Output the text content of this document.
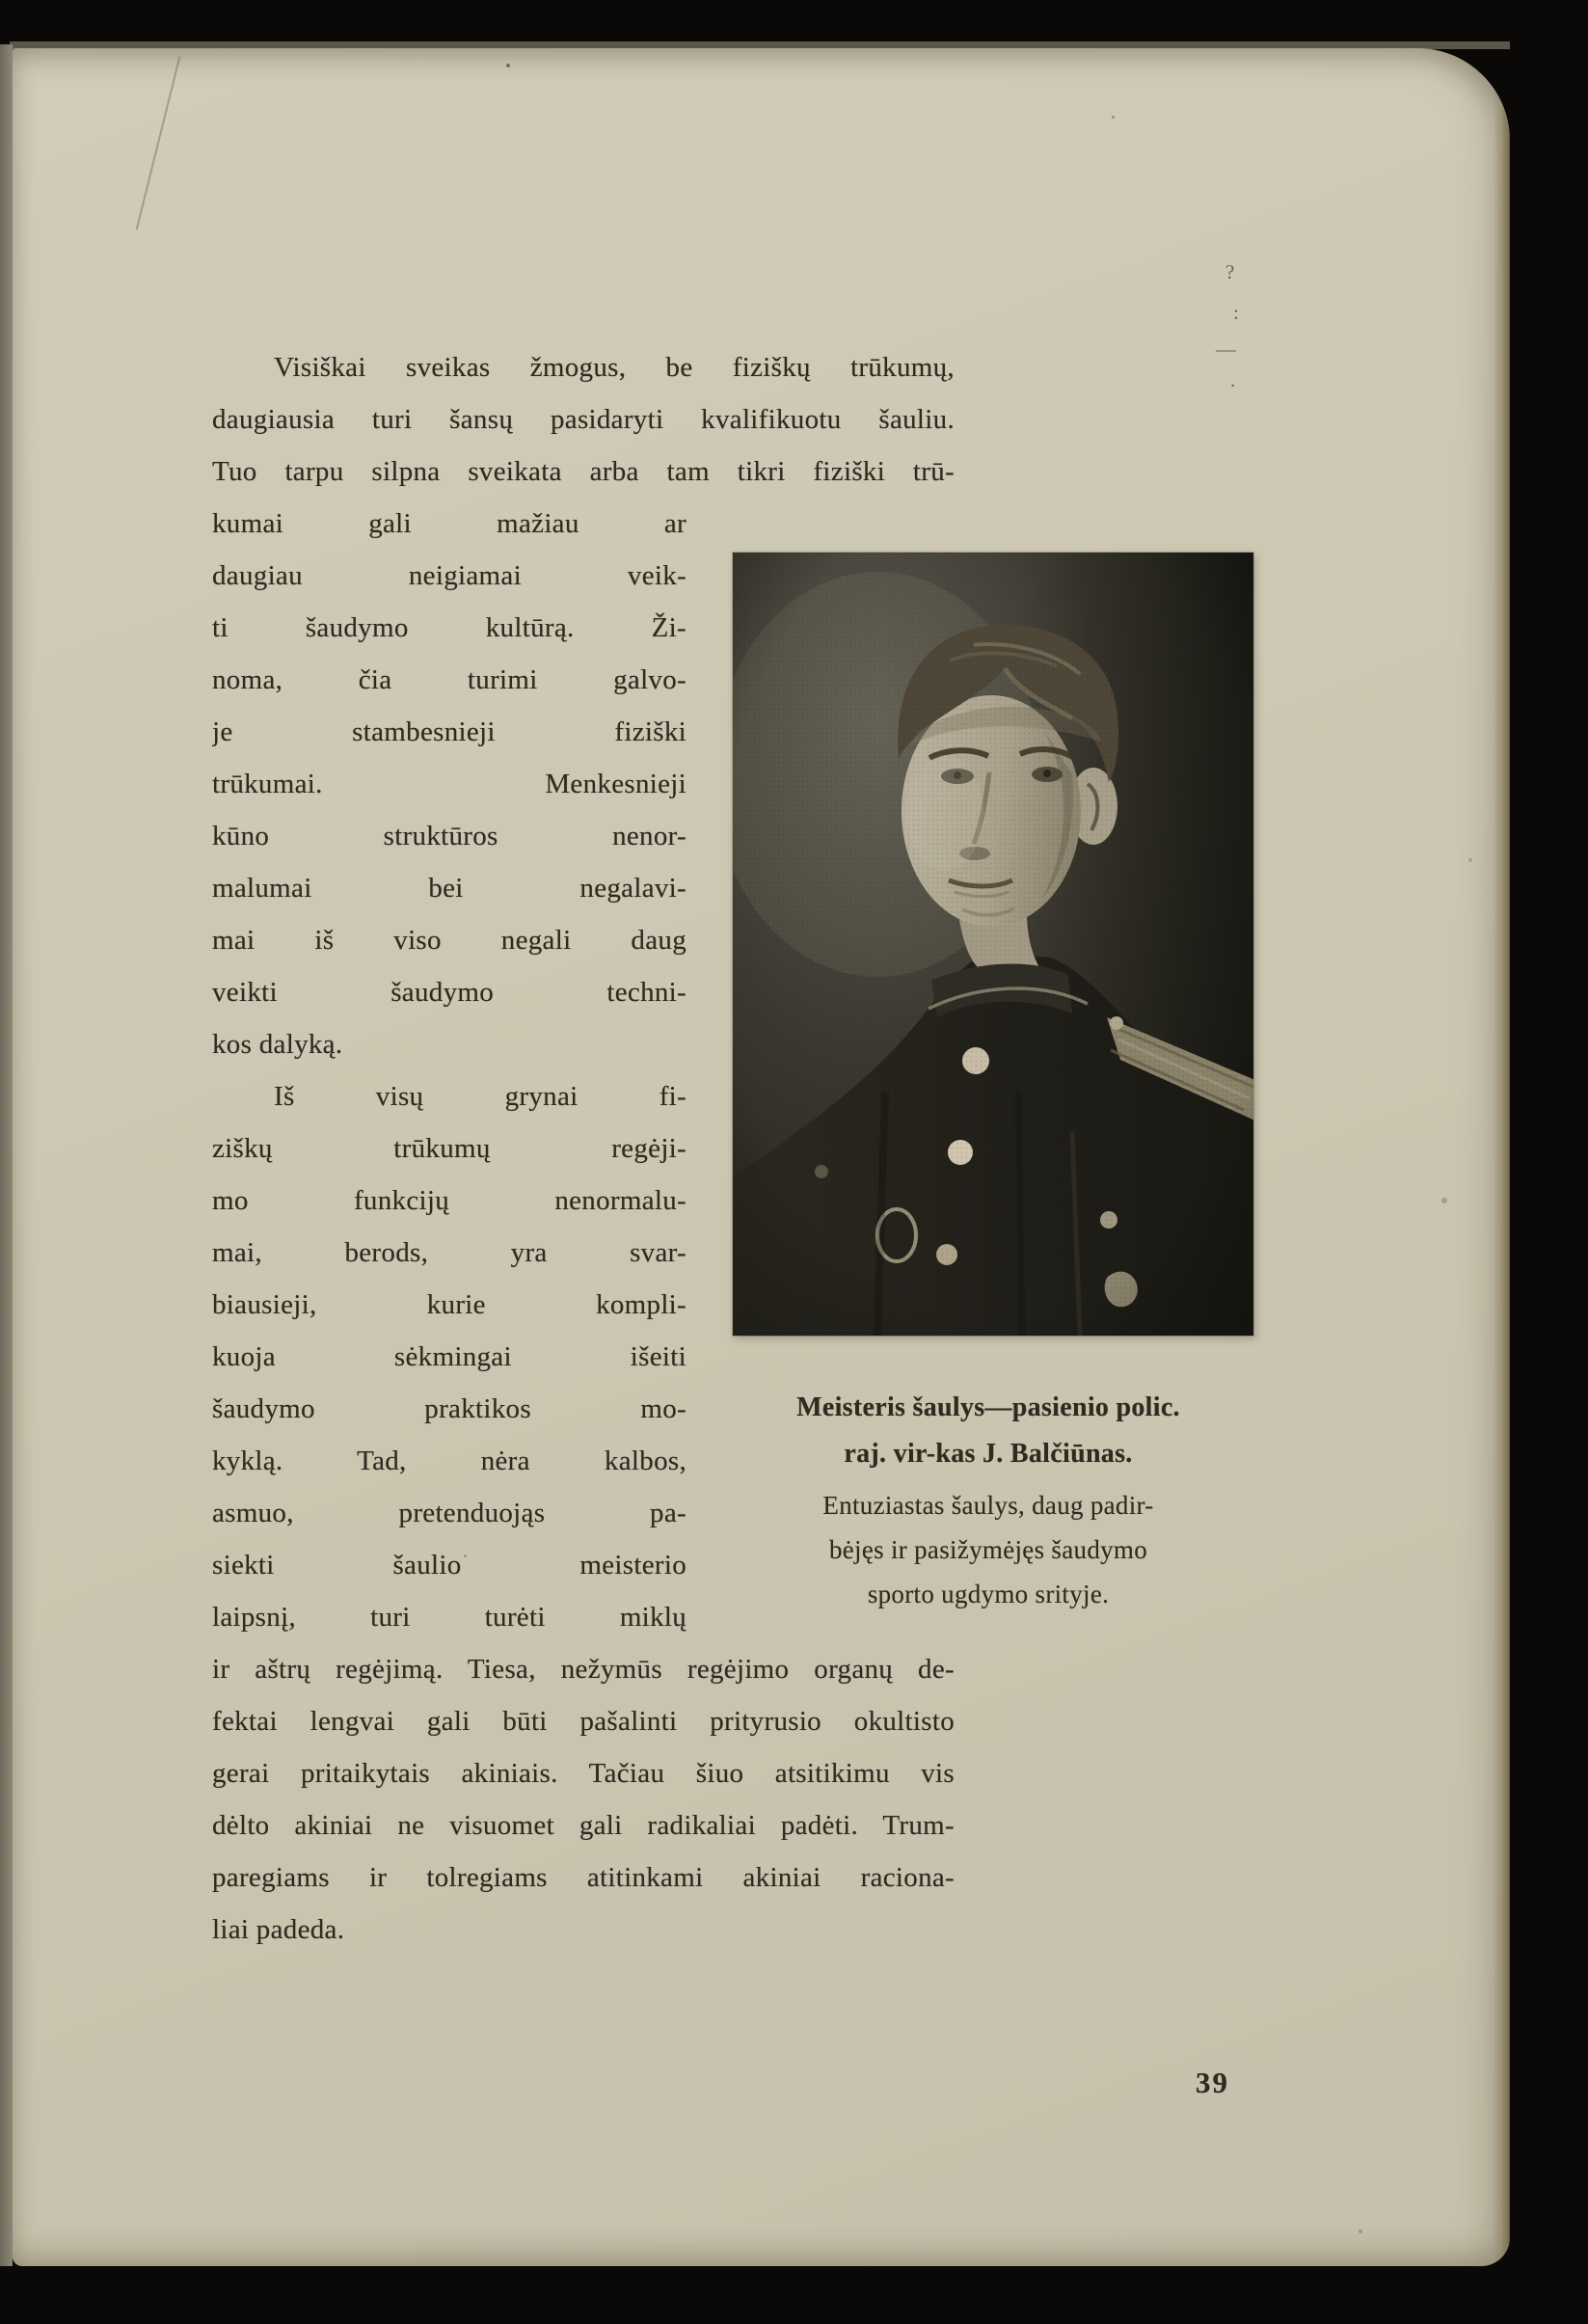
Visiškai sveikas žmogus, be fiziškų trūkumų,
daugiausia turi šansų pasidaryti kvalifikuotu šauliu.
Tuo tarpu silpna sveikata arba tam tikri fiziški trū-
kumai gali mažiau ar
daugiau neigiamai veik-
ti šaudymo kultūrą. Ži-
noma, čia turimi galvo-
je stambesnieji fiziški
trūkumai. Menkesnieji
kūno struktūros nenor-
malumai bei negalavi-
mai iš viso negali daug
veikti šaudymo techni-
kos dalyką.
Iš visų grynai fi-
ziškų trūkumų regėji-
mo funkcijų nenormalu-
mai, berods, yra svar-
biausieji, kurie kompli-
kuoja sėkmingai išeiti
šaudymo praktikos mo-
kyklą. Tad, nėra kalbos,
asmuo, pretenduojąs pa-
siekti šaulio meisterio
laipsnį, turi turėti miklų
ir aštrų regėjimą. Tiesa, nežymūs regėjimo organų de-
fektai lengvai gali būti pašalinti prityrusio okultisto
gerai pritaikytais akiniais. Tačiau šiuo atsitikimu vis
dėlto akiniai ne visuomet gali radikaliai padėti. Trum-
paregiams ir tolregiams atitinkami akiniai raciona-
liai padeda.
Meisteris šaulys—pasienio polic.
raj. vir-kas J. Balčiūnas.
Entuziastas šaulys, daug padir-
bėjęs ir pasižymėjęs šaudymo
sporto ugdymo srityje.
39
?
:
—
·
